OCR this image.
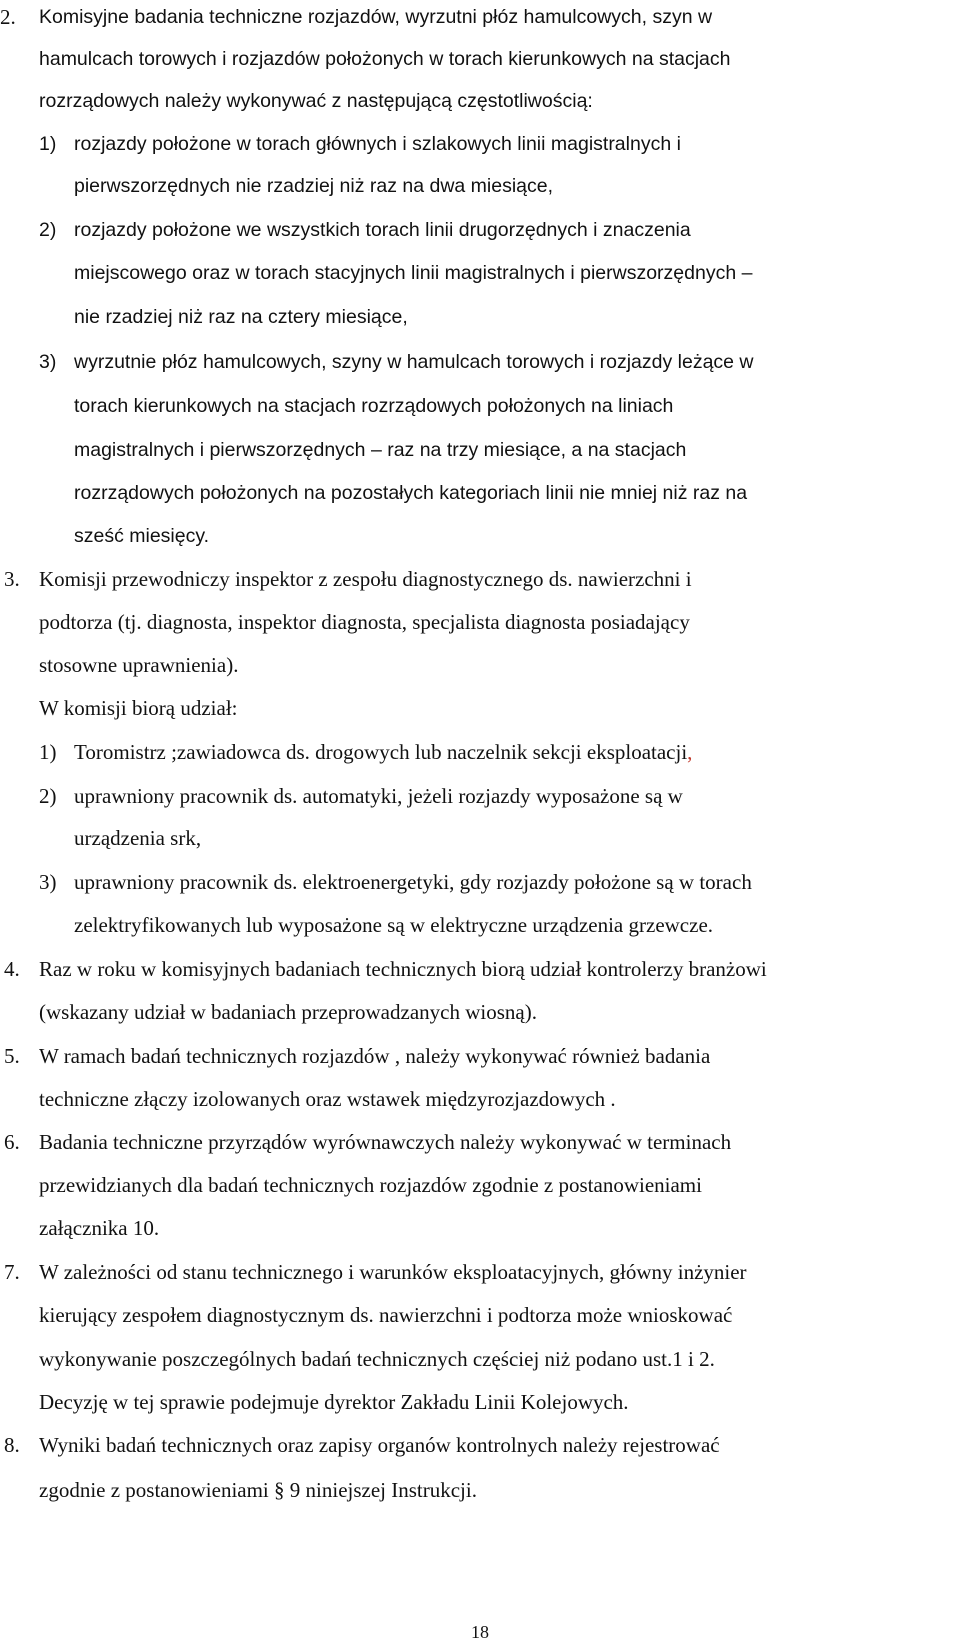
2. Komisyjne badania techniczne rozjazdów, wyrzutni płóz hamulcowych, szyn w
hamulcach torowych i rozjazdów położonych w torach kierunkowych na stacjach
rozrządowych należy wykonywać z następującą częstotliwością:
1) rozjazdy położone w torach głównych i szlakowych linii magistralnych i
pierwszorzędnych nie rzadziej niż raz na dwa miesiące,
2) rozjazdy położone we wszystkich torach linii drugorzędnych i znaczenia
miejscowego oraz w torach stacyjnych linii magistralnych i pierwszorzędnych –
nie rzadziej niż raz na cztery miesiące,
3) wyrzutnie płóz hamulcowych, szyny w hamulcach torowych i rozjazdy leżące w
torach kierunkowych na stacjach rozrządowych położonych na liniach
magistralnych i pierwszorzędnych – raz na trzy miesiące, a na stacjach
rozrządowych położonych na pozostałych kategoriach linii nie mniej niż raz na
sześć miesięcy.
3. Komisji przewodniczy inspektor z zespołu diagnostycznego ds. nawierzchni i
podtorza (tj. diagnosta, inspektor diagnosta, specjalista diagnosta posiadający
stosowne uprawnienia).
W komisji biorą udział:
1) Toromistrz ;zawiadowca ds. drogowych lub naczelnik sekcji eksploatacji,
2) uprawniony pracownik ds. automatyki, jeżeli rozjazdy wyposażone są w
urządzenia srk,
3) uprawniony pracownik ds. elektroenergetyki, gdy rozjazdy położone są w torach
zelektryfikowanych lub wyposażone są w elektryczne urządzenia grzewcze.
4. Raz w roku w komisyjnych badaniach technicznych biorą udział kontrolerzy branżowi
(wskazany udział w badaniach przeprowadzanych wiosną).
5. W ramach badań technicznych rozjazdów , należy wykonywać również badania
techniczne złączy izolowanych oraz wstawek międzyrozjazdowych .
6. Badania techniczne przyrządów wyrównawczych należy wykonywać w terminach
przewidzianych dla badań technicznych rozjazdów zgodnie z postanowieniami
załącznika 10.
7. W zależności od stanu technicznego i warunków eksploatacyjnych, główny inżynier
kierujący zespołem diagnostycznym ds. nawierzchni i podtorza może wnioskować
wykonywanie poszczególnych badań technicznych częściej niż podano ust.1 i 2.
Decyzję w tej sprawie podejmuje dyrektor Zakładu Linii Kolejowych.
8. Wyniki badań technicznych oraz zapisy organów kontrolnych należy rejestrować
zgodnie z postanowieniami § 9 niniejszej Instrukcji.
18
